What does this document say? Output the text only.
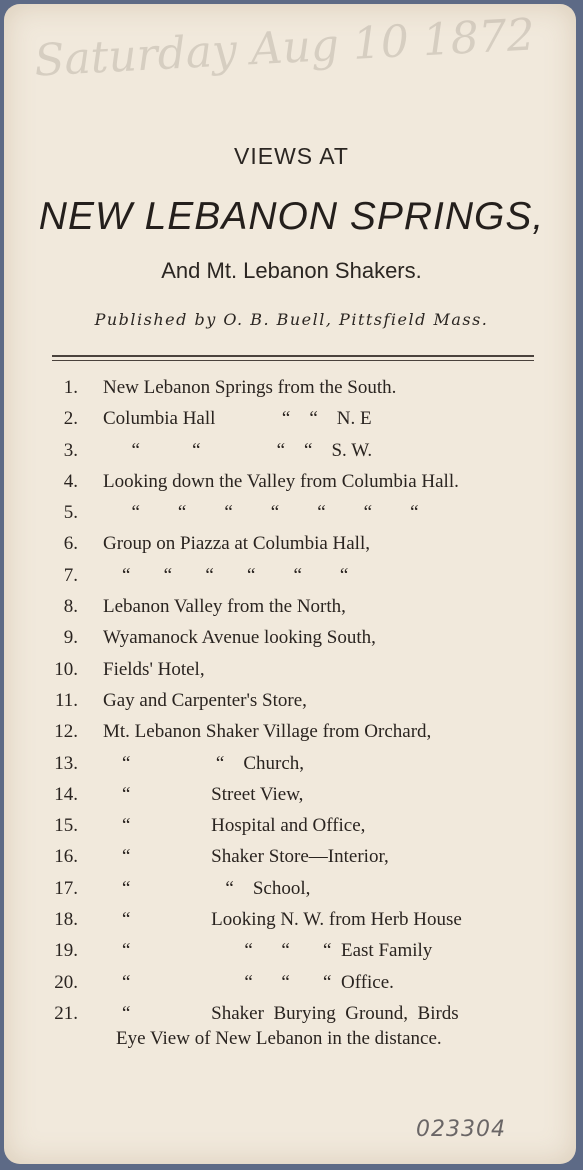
Saturday Aug 10 1872
VIEWS AT
NEW LEBANON SPRINGS,
And Mt. Lebanon Shakers.
Published by O. B. Buell, Pittsfield Mass.
1. New Lebanon Springs from the South.
2. Columbia Hall              “    “    N. E
3. “           “                “    “    S. W.
4. Looking down the Valley from Columbia Hall.
5. “        “        “        “        “        “        “
6. Group on Piazza at Columbia Hall,
7. “       “       “       “        “        “
8. Lebanon Valley from the North,
9. Wyamanock Avenue looking South,
10. Fields' Hotel,
11. Gay and Carpenter's Store,
12. Mt. Lebanon Shaker Village from Orchard,
13. “                  “    Church,
14. “                 Street View,
15. “                 Hospital and Office,
16. “                 Shaker Store—Interior,
17. “                    “    School,
18. “                 Looking N. W. from Herb House
19. “                        “      “       “  East Family
20. “                        “      “       “  Office.
21. “                 Shaker  Burying  Ground,  Birds
Eye View of New Lebanon in the distance.
023304
